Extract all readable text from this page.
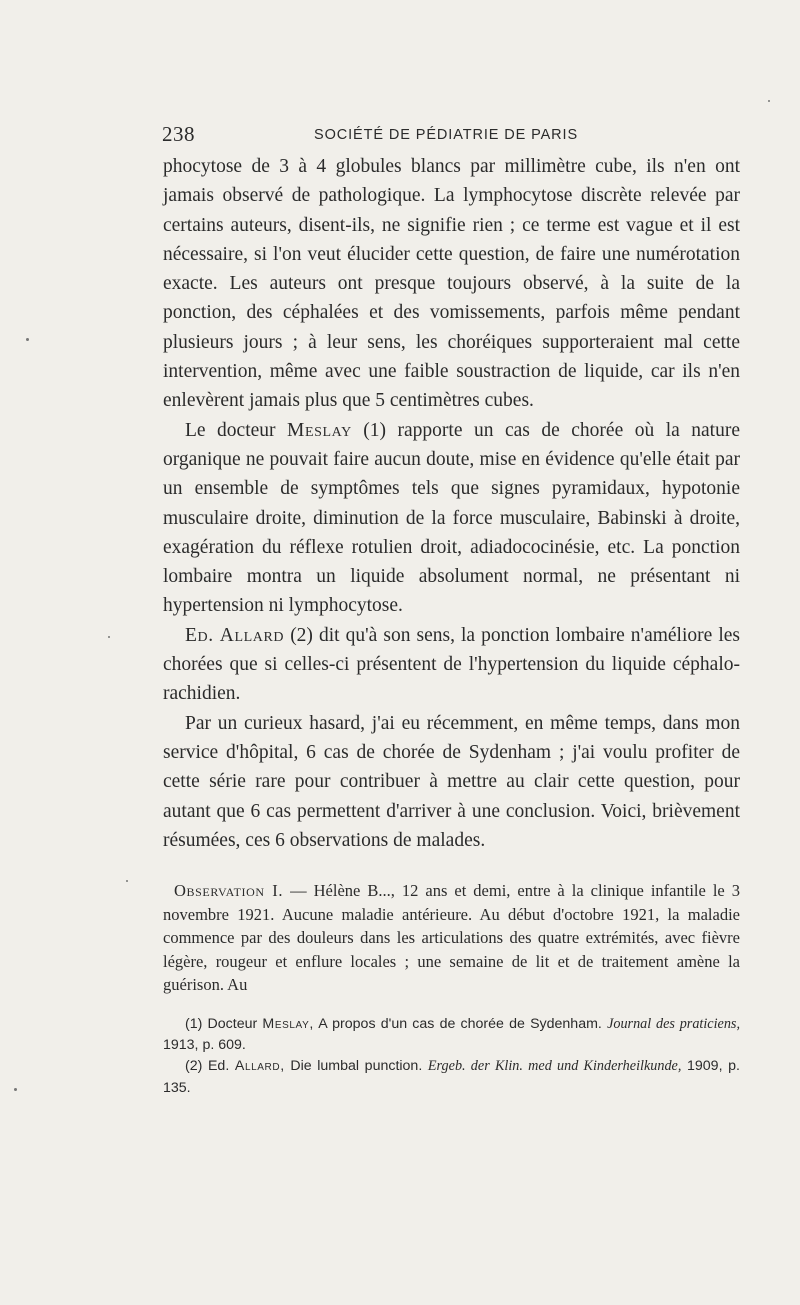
238	SOCIÉTÉ DE PÉDIATRIE DE PARIS

phocytose de 3 à 4 globules blancs par millimètre cube, ils n'en ont jamais observé de pathologique. La lymphocytose discrète relevée par certains auteurs, disent-ils, ne signifie rien ; ce terme est vague et il est nécessaire, si l'on veut élucider cette question, de faire une numérotation exacte. Les auteurs ont presque toujours observé, à la suite de la ponction, des céphalées et des vomissements, parfois même pendant plusieurs jours ; à leur sens, les choréiques supporteraient mal cette intervention, même avec une faible soustraction de liquide, car ils n'en enlevèrent jamais plus que 5 centimètres cubes.

Le docteur Meslay (1) rapporte un cas de chorée où la nature organique ne pouvait faire aucun doute, mise en évidence qu'elle était par un ensemble de symptômes tels que signes pyramidaux, hypotonie musculaire droite, diminution de la force musculaire, Babinski à droite, exagération du réflexe rotulien droit, adiadococinésie, etc. La ponction lombaire montra un liquide absolument normal, ne présentant ni hypertension ni lymphocytose.

Ed. Allard (2) dit qu'à son sens, la ponction lombaire n'améliore les chorées que si celles-ci présentent de l'hypertension du liquide céphalo-rachidien.

Par un curieux hasard, j'ai eu récemment, en même temps, dans mon service d'hôpital, 6 cas de chorée de Sydenham ; j'ai voulu profiter de cette série rare pour contribuer à mettre au clair cette question, pour autant que 6 cas permettent d'arriver à une conclusion. Voici, brièvement résumées, ces 6 observations de malades.

Observation I. — Hélène B..., 12 ans et demi, entre à la clinique infantile le 3 novembre 1921. Aucune maladie antérieure. Au début d'octobre 1921, la maladie commence par des douleurs dans les articulations des quatre extrémités, avec fièvre légère, rougeur et enflure locales ; une semaine de lit et de traitement amène la guérison. Au

(1) Docteur Meslay, A propos d'un cas de chorée de Sydenham. Journal des praticiens, 1913, p. 609.

(2) Ed. Allard, Die lumbal punction. Ergeb. der Klin. med und Kinderheilkunde, 1909, p. 135.
